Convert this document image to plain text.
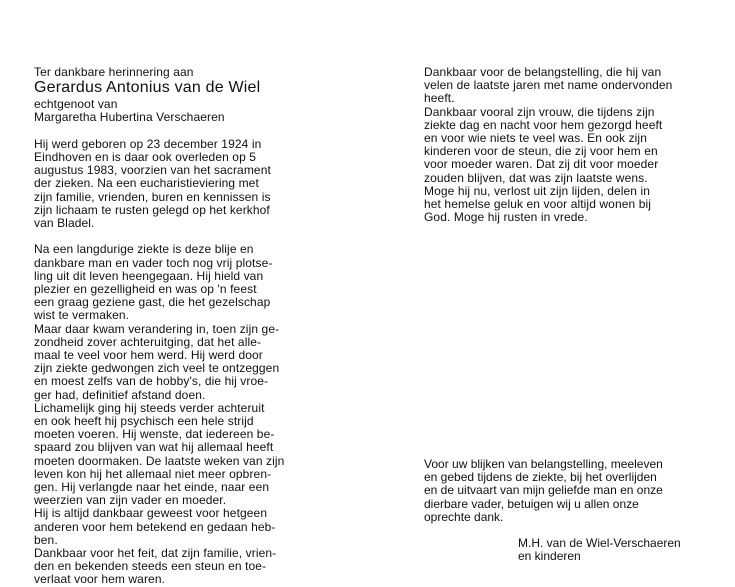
Ter dankbare herinnering aan
Gerardus Antonius van de Wiel
echtgenoot van
Margaretha Hubertina Verschaeren
Hij werd geboren op 23 december 1924 in
Eindhoven en is daar ook overleden op 5
augustus 1983, voorzien van het sacrament
der zieken. Na een eucharistieviering met
zijn familie, vrienden, buren en kennissen is
zijn lichaam te rusten gelegd op het kerkhof
van Bladel.
Na een langdurige ziekte is deze blije en
dankbare man en vader toch nog vrij plotse-
ling uit dit leven heengegaan. Hij hield van
plezier en gezelligheid en was op 'n feest
een graag geziene gast, die het gezelschap
wist te vermaken.
Maar daar kwam verandering in, toen zijn ge-
zondheid zover achteruitging, dat het alle-
maal te veel voor hem werd. Hij werd door
zijn ziekte gedwongen zich veel te ontzeggen
en moest zelfs van de hobby's, die hij vroe-
ger had, definitief afstand doen.
Lichamelijk ging hij steeds verder achteruit
en ook heeft hij psychisch een hele strijd
moeten voeren. Hij wenste, dat iedereen be-
spaard zou blijven van wat hij allemaal heeft
moeten doormaken. De laatste weken van zijn
leven kon hij het allemaal niet meer opbren-
gen. Hij verlangde naar het einde, naar een
weerzien van zijn vader en moeder.
Hij is altijd dankbaar geweest voor hetgeen
anderen voor hem betekend en gedaan heb-
ben.
Dankbaar voor het feit, dat zijn familie, vrien-
den en bekenden steeds een steun en toe-
verlaat voor hem waren.
Dankbaar voor de belangstelling, die hij van
velen de laatste jaren met name ondervonden
heeft.
Dankbaar vooral zijn vrouw, die tijdens zijn
ziekte dag en nacht voor hem gezorgd heeft
en voor wie niets te veel was. En ook zijn
kinderen voor de steun, die zij voor hem en
voor moeder waren. Dat zij dit voor moeder
zouden blijven, dat was zijn laatste wens.
Moge hij nu, verlost uit zijn lijden, delen in
het hemelse geluk en voor altijd wonen bij
God. Moge hij rusten in vrede.
Voor uw blijken van belangstelling, meeleven
en gebed tijdens de ziekte, bij het overlijden
en de uitvaart van mijn geliefde man en onze
dierbare vader, betuigen wij u allen onze
oprechte dank.
M.H. van de Wiel-Verschaeren
en kinderen
